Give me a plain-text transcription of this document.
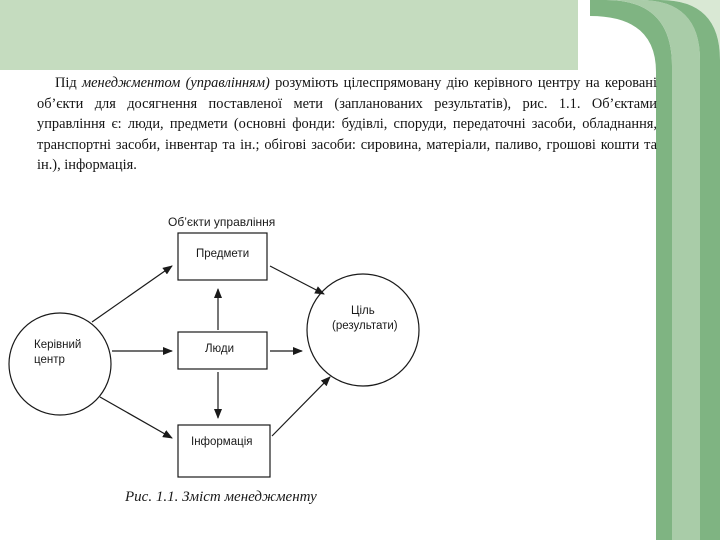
Під менеджментом (управлінням) розуміють цілеспрямовану дію керівного центру на керовані об’єкти для досягнення поставленої мети (запланованих результатів), рис. 1.1. Об’єктами управління є: люди, предмети (основні фонди: будівлі, споруди, передаточні засоби, обладнання, транспортні засоби, інвентар та ін.; обігові засоби: сировина, матеріали, паливо, грошові кошти та ін.), інформація.

Об’єкти управління
Керівний
центр
Предмети
Люди
Інформація
Ціль
(результати)

Рис. 1.1. Зміст менеджменту
